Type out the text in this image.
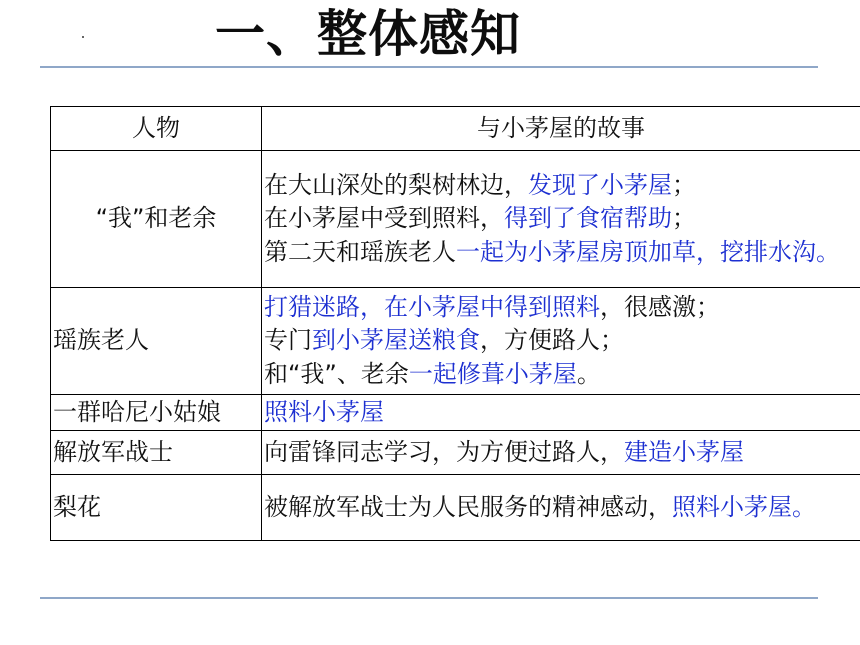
一、整体感知
人物	与小茅屋的故事
“我”和老余	在大山深处的梨树林边，发现了小茅屋；
在小茅屋中受到照料，得到了食宿帮助；
第二天和瑶族老人一起为小茅屋房顶加草，挖排水沟。

瑶族老人	打猎迷路，在小茅屋中得到照料，很感激；
专门到小茅屋送粮食，方便路人；
和“我”、老余一起修葺小茅屋。

一群哈尼小姑娘	照料小茅屋

解放军战士	向雷锋同志学习，为方便过路人，建造小茅屋

梨花	被解放军战士为人民服务的精神感动，照料小茅屋。
